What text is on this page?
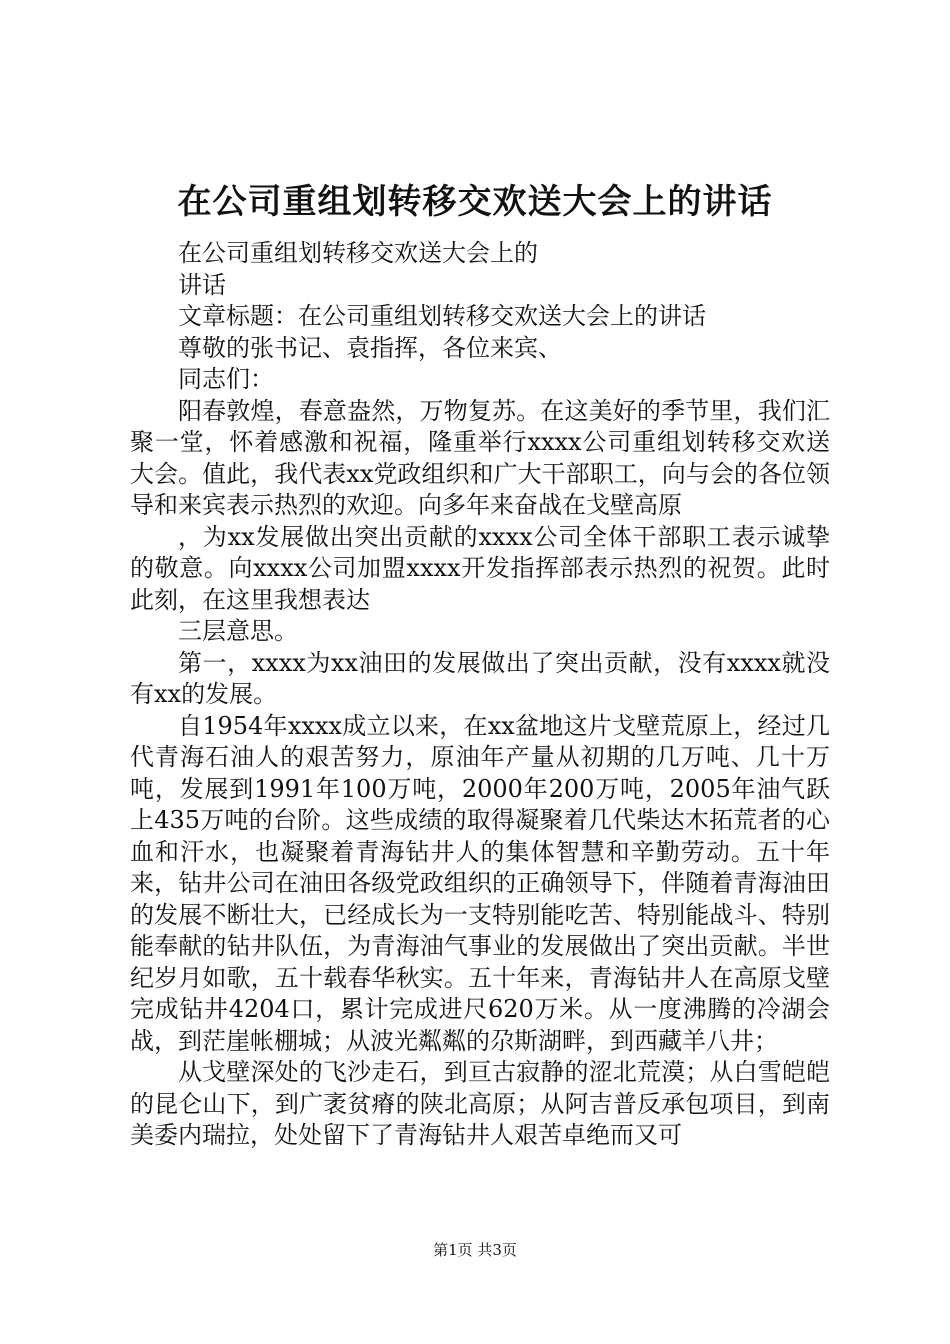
在公司重组划转移交欢送大会上的讲话

在公司重组划转移交欢送大会上的

讲话

文章标题：在公司重组划转移交欢送大会上的讲话

尊敬的张书记、袁指挥，各位来宾、

同志们：

阳春敦煌，春意盎然，万物复苏。在这美好的季节里，我们汇聚一堂，怀着感激和祝福，隆重举行xxxx公司重组划转移交欢送大会。值此，我代表xx党政组织和广大干部职工，向与会的各位领导和来宾表示热烈的欢迎。向多年来奋战在戈壁高原

，为xx发展做出突出贡献的xxxx公司全体干部职工表示诚挚的敬意。向xxxx公司加盟xxxx开发指挥部表示热烈的祝贺。此时此刻，在这里我想表达

三层意思。

第一，xxxx为xx油田的发展做出了突出贡献，没有xxxx就没有xx的发展。

自1954年xxxx成立以来，在xx盆地这片戈壁荒原上，经过几代青海石油人的艰苦努力，原油年产量从初期的几万吨、几十万吨，发展到1991年100万吨，2000年200万吨，2005年油气跃上435万吨的台阶。这些成绩的取得凝聚着几代柴达木拓荒者的心血和汗水，也凝聚着青海钻井人的集体智慧和辛勤劳动。五十年来，钻井公司在油田各级党政组织的正确领导下，伴随着青海油田的发展不断壮大，已经成长为一支特别能吃苦、特别能战斗、特别能奉献的钻井队伍，为青海油气事业的发展做出了突出贡献。半世纪岁月如歌，五十载春华秋实。五十年来，青海钻井人在高原戈壁完成钻井4204口，累计完成进尺620万米。从一度沸腾的冷湖会战，到茫崖帐棚城；从波光粼粼的尕斯湖畔，到西藏羊八井；

从戈壁深处的飞沙走石，到亘古寂静的涩北荒漠；从白雪皑皑的昆仑山下，到广袤贫瘠的陕北高原；从阿吉普反承包项目，到南美委内瑞拉，处处留下了青海钻井人艰苦卓绝而又可

第1页 共3页
